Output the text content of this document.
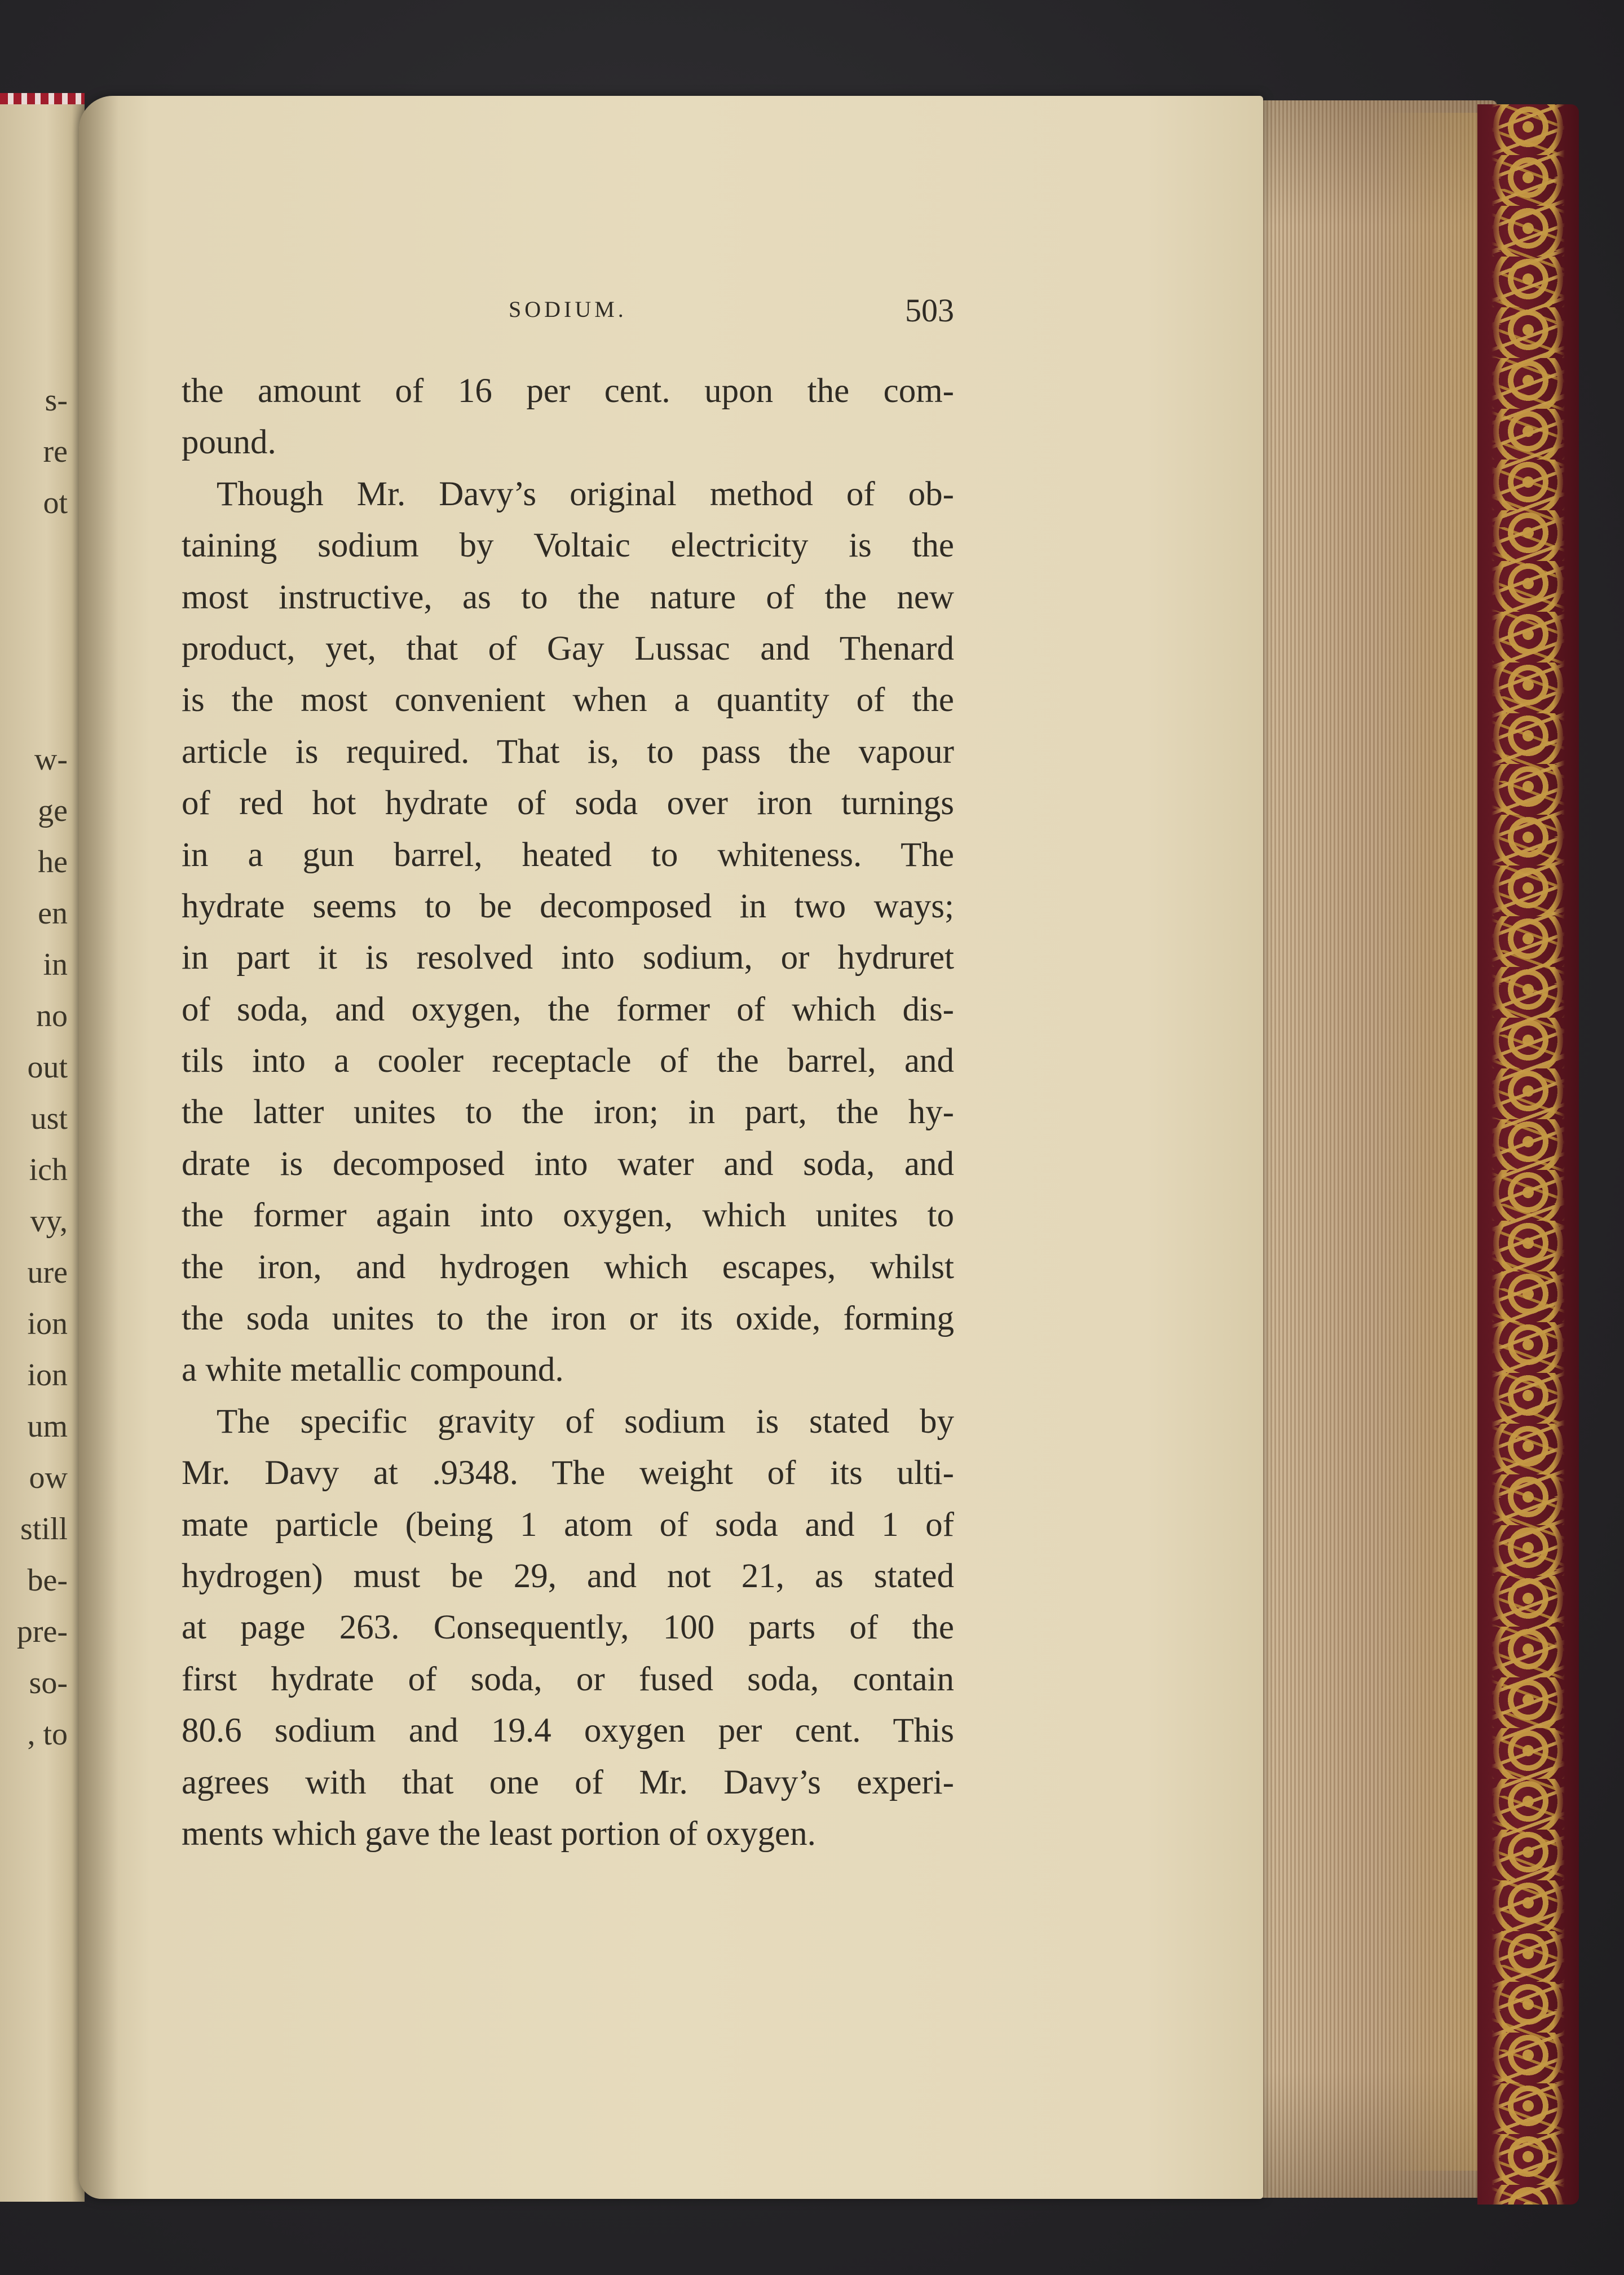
s-
re
ot
w-
ge
he
en
in
no
out
ust
ich
vy,
ure
ion
ion
um
ow
still
be-
pre-
so-
, to
SODIUM.	503
the amount of 16 per cent. upon the com-
pound.
Though Mr. Davy’s original method of ob-
taining sodium by Voltaic electricity is the
most instructive, as to the nature of the new
product, yet, that of Gay Lussac and Thenard
is the most convenient when a quantity of the
article is required. That is, to pass the vapour
of red hot hydrate of soda over iron turnings
in a gun barrel, heated to whiteness. The
hydrate seems to be decomposed in two ways;
in part it is resolved into sodium, or hydruret
of soda, and oxygen, the former of which dis-
tils into a cooler receptacle of the barrel, and
the latter unites to the iron; in part, the hy-
drate is decomposed into water and soda, and
the former again into oxygen, which unites to
the iron, and hydrogen which escapes, whilst
the soda unites to the iron or its oxide, forming
a white metallic compound.
The specific gravity of sodium is stated by
Mr. Davy at .9348. The weight of its ulti-
mate particle (being 1 atom of soda and 1 of
hydrogen) must be 29, and not 21, as stated
at page 263. Consequently, 100 parts of the
first hydrate of soda, or fused soda, contain
80.6 sodium and 19.4 oxygen per cent. This
agrees with that one of Mr. Davy’s experi-
ments which gave the least portion of oxygen.
